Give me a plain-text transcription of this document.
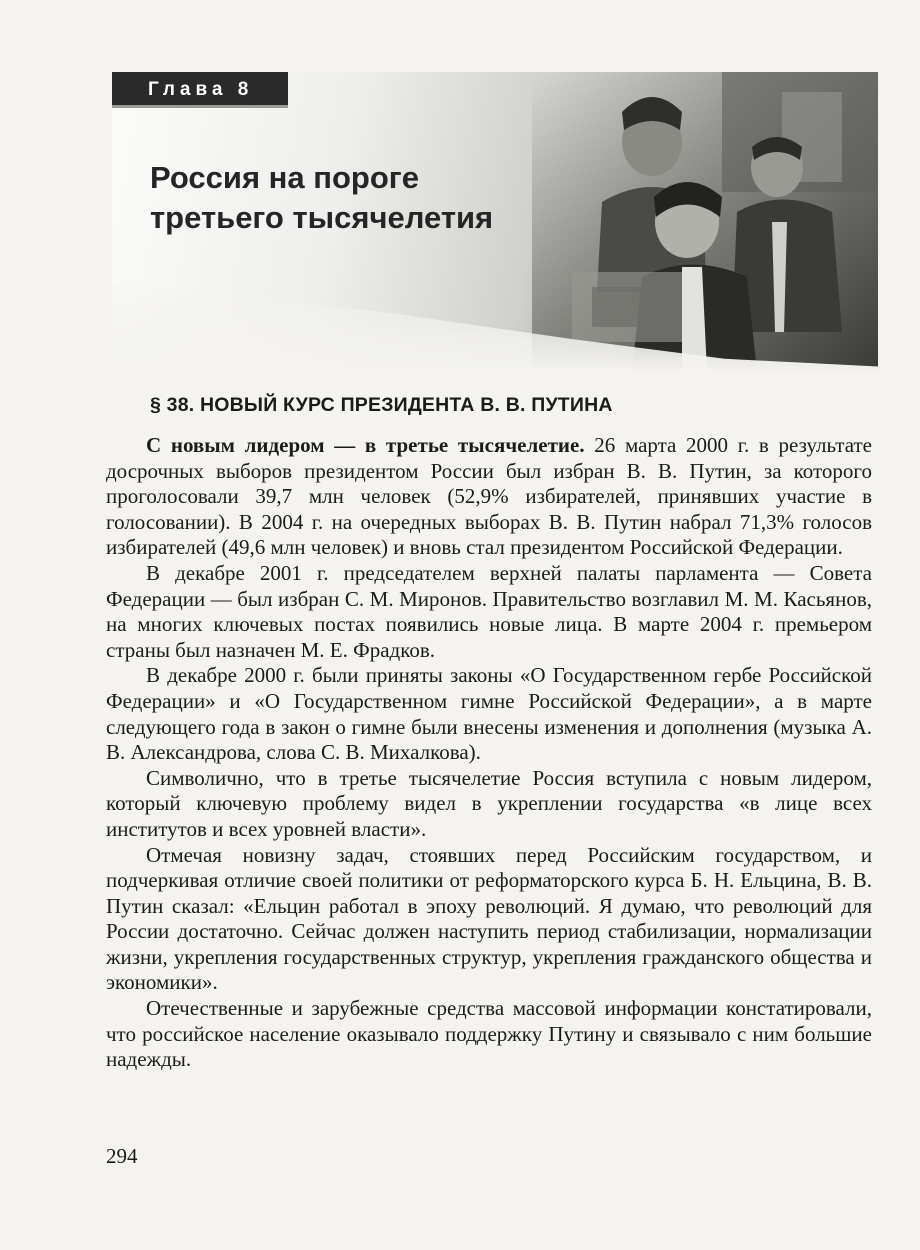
Глава 8
Россия на пороге
третьего тысячелетия
§ 38. НОВЫЙ КУРС ПРЕЗИДЕНТА В. В. ПУТИНА

С новым лидером — в третье тысячелетие. 26 марта 2000 г. в результате досрочных выборов президентом России был избран В. В. Путин, за которого проголосовали 39,7 млн человек (52,9% избирателей, принявших участие в голосовании). В 2004 г. на очередных выборах В. В. Путин набрал 71,3% голосов избирателей (49,6 млн человек) и вновь стал президентом Российской Федерации.

В декабре 2001 г. председателем верхней палаты парламента — Совета Федерации — был избран С. М. Миронов. Правительство возглавил М. М. Касьянов, на многих ключевых постах появились новые лица. В марте 2004 г. премьером страны был назначен М. Е. Фрадков.

В декабре 2000 г. были приняты законы «О Государственном гербе Российской Федерации» и «О Государственном гимне Российской Федерации», а в марте следующего года в закон о гимне были внесены изменения и дополнения (музыка А. В. Александрова, слова С. В. Михалкова).

Символично, что в третье тысячелетие Россия вступила с новым лидером, который ключевую проблему видел в укреплении государства «в лице всех институтов и всех уровней власти».

Отмечая новизну задач, стоявших перед Российским государством, и подчеркивая отличие своей политики от реформаторского курса Б. Н. Ельцина, В. В. Путин сказал: «Ельцин работал в эпоху революций. Я думаю, что революций для России достаточно. Сейчас должен наступить период стабилизации, нормализации жизни, укрепления государственных структур, укрепления гражданского общества и экономики».

Отечественные и зарубежные средства массовой информации констатировали, что российское население оказывало поддержку Путину и связывало с ним большие надежды.

294
